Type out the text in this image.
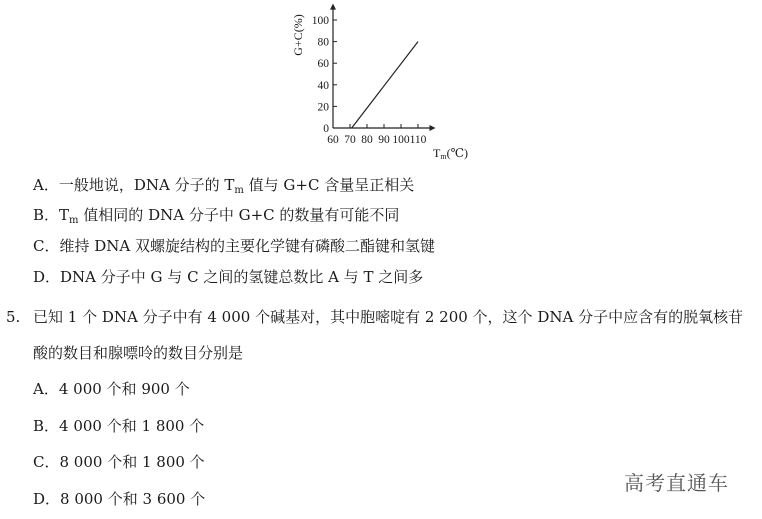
0
20
40
60
80
100
60 70 80 90 100 110
G+C(%)
Tm(℃)
A．一般地说，DNA 分子的 $T_m$ 值与 G+C 含量呈正相关
B．$T_m$ 值相同的 DNA 分子中 G+C 的数量有可能不同
C．维持 DNA 双螺旋结构的主要化学键有磷酸二酯键和氢键
D．DNA 分子中 G 与 C 之间的氢键总数比 A 与 T 之间多
5. 已知 1 个 DNA 分子中有 4 000 个碱基对，其中胞嘧啶有 2 200 个，这个 DNA 分子中应含有的脱氧核苷
酸的数目和腺嘌呤的数目分别是
A．4 000 个和 900 个
B．4 000 个和 1 800 个
C．8 000 个和 1 800 个
D．8 000 个和 3 600 个
高考直通车
